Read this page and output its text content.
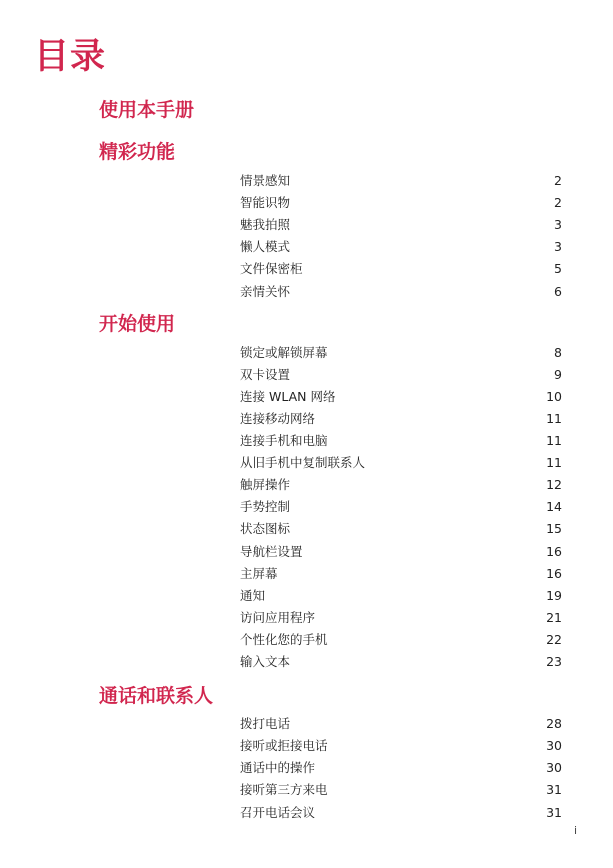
目录
使用本手册
精彩功能
开始使用
通话和联系人
情景感知	2
智能识物	2
魅我拍照	3
懒人模式	3
文件保密柜	5
亲情关怀	6
锁定或解锁屏幕	8
双卡设置	9
连接 WLAN 网络	10
连接移动网络	11
连接手机和电脑	11
从旧手机中复制联系人	11
触屏操作	12
手势控制	14
状态图标	15
导航栏设置	16
主屏幕	16
通知	19
访问应用程序	21
个性化您的手机	22
输入文本	23
拨打电话	28
接听或拒接电话	30
通话中的操作	30
接听第三方来电	31
召开电话会议	31
i
